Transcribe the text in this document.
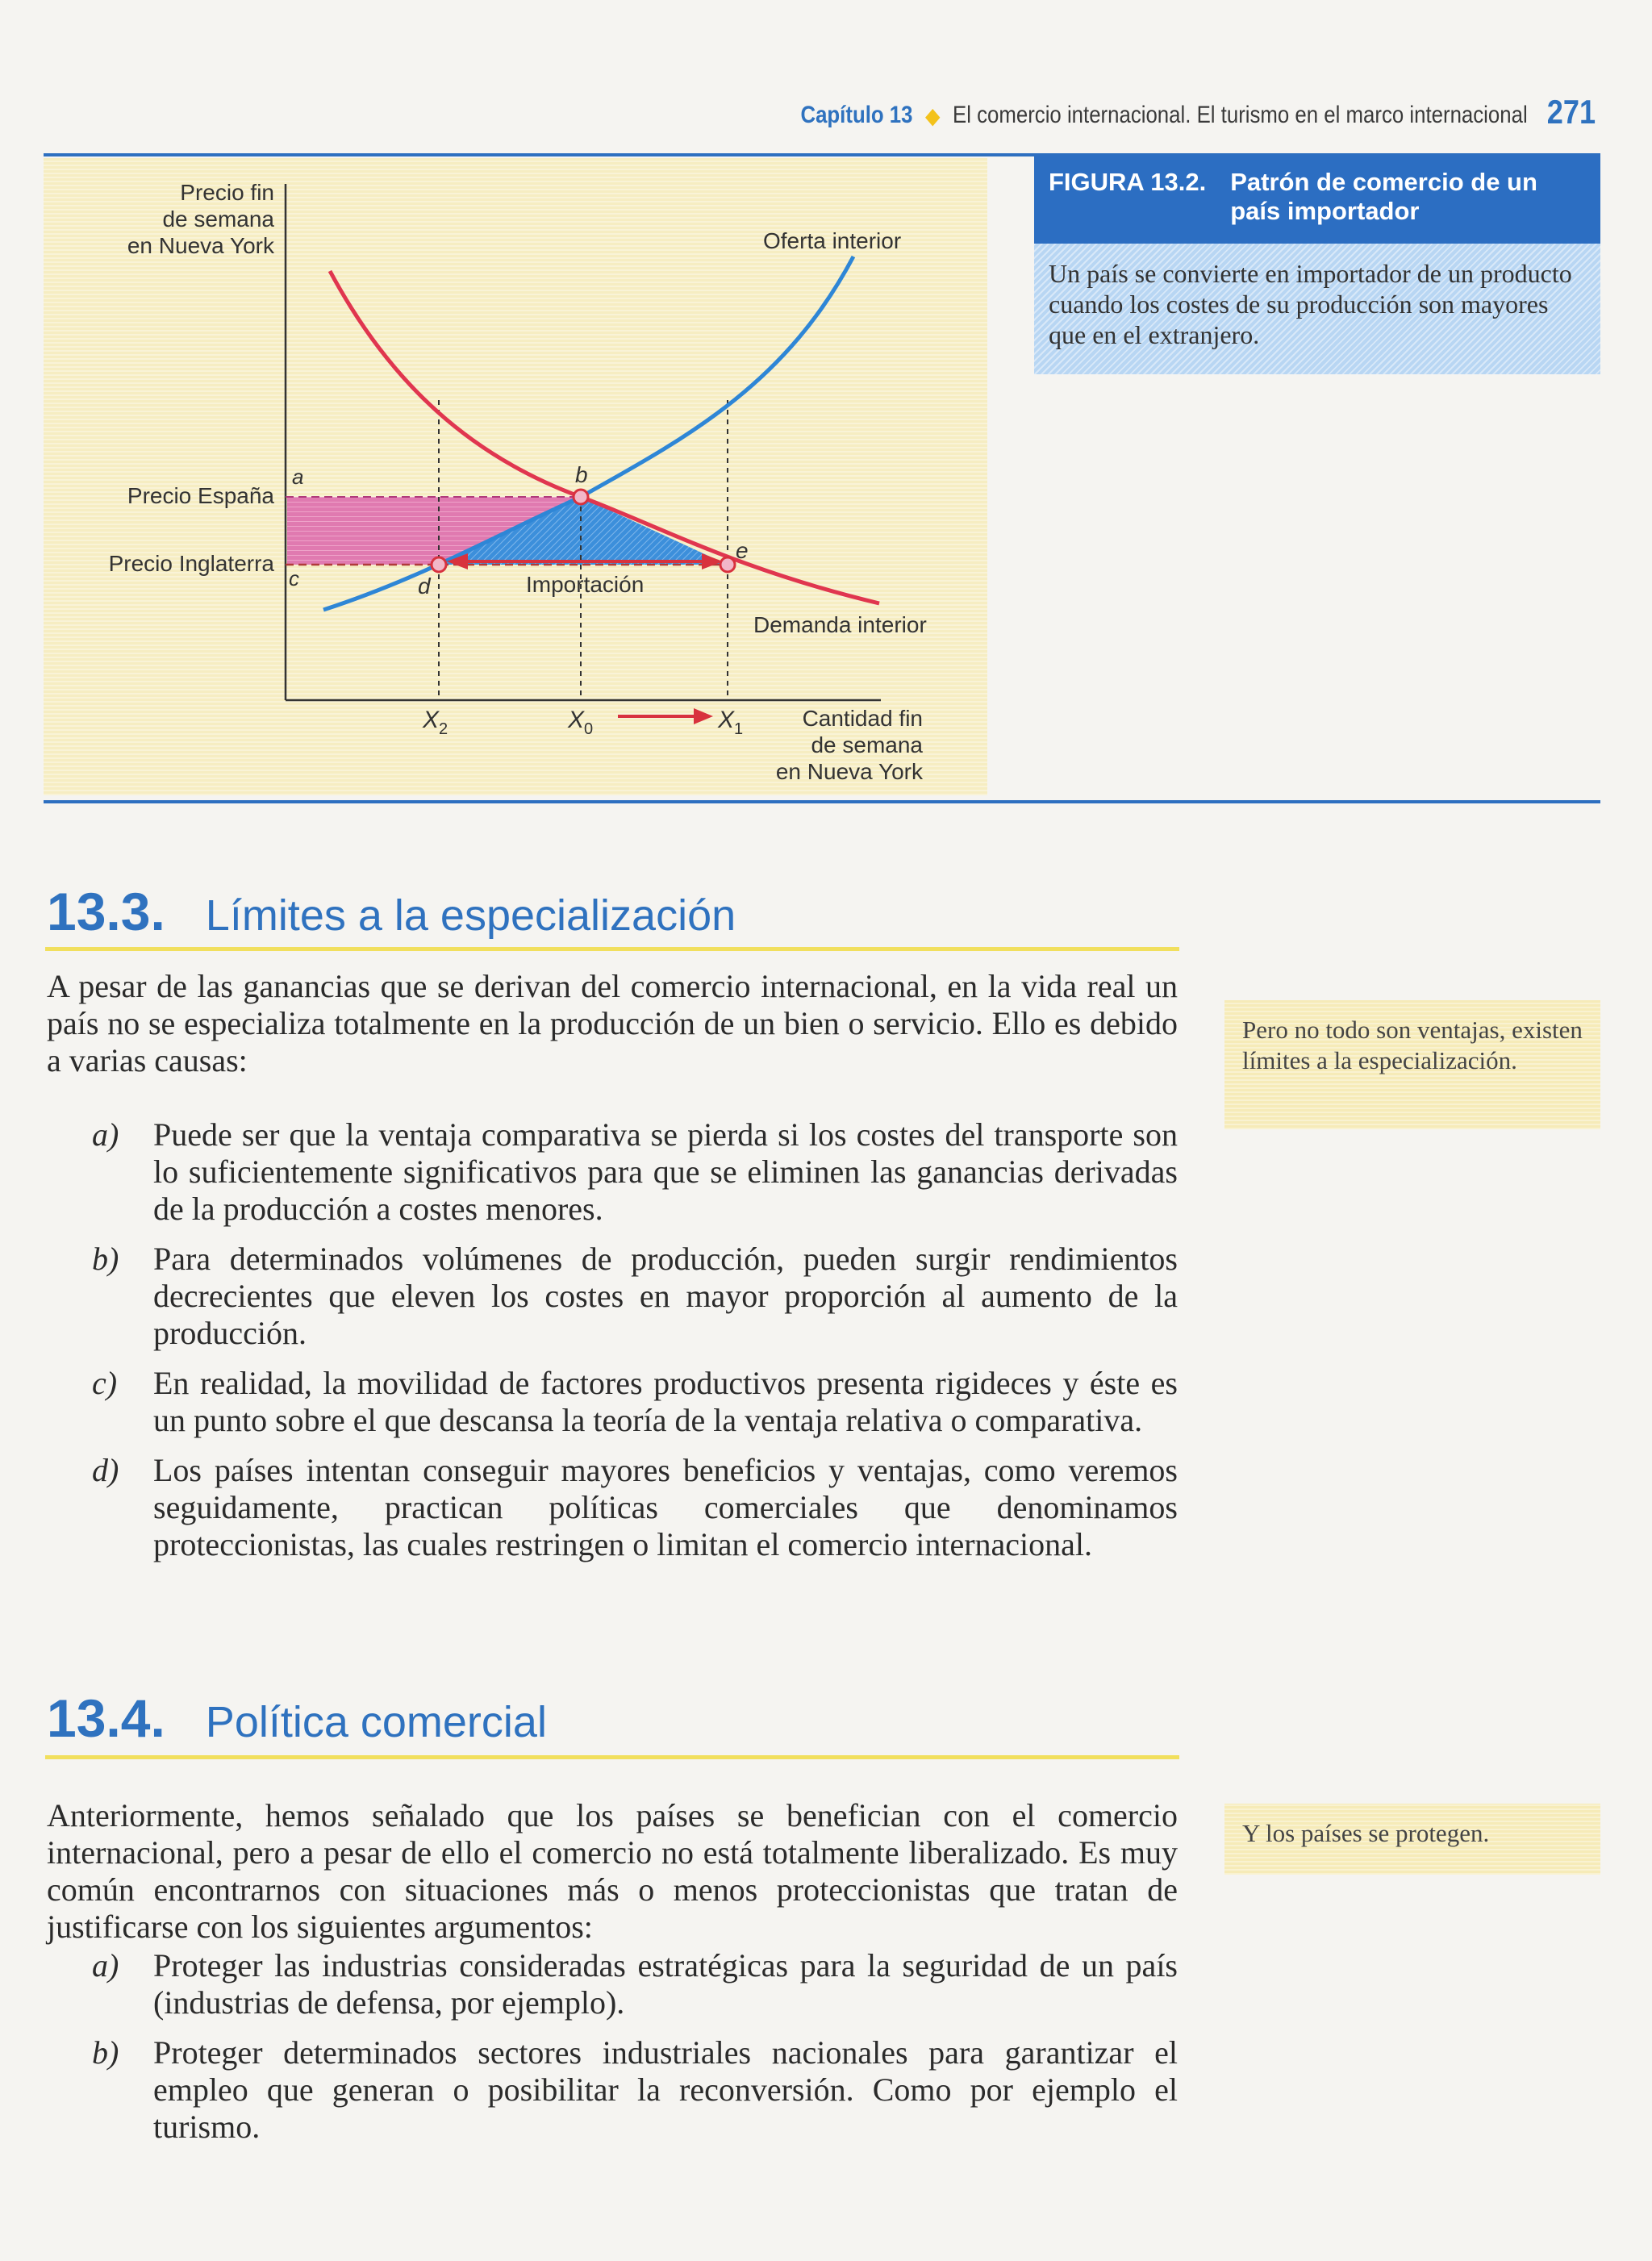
Capítulo 13 ◆ El comercio internacional. El turismo en el marco internacional 271
Precio fin
de semana
en Nueva York
Precio España
Precio Inglaterra
a	b
c	d
e
Oferta interior
Demanda interior
Importación
X 2	X 0	X 1	Cantidad fin
de semana
en Nueva York
FIGURA 13.2. Patrón de comercio de un país importador
Un país se convierte en importador de un producto cuando los costes de su producción son mayores que en el extranjero.
13.3. Límites a la especialización

A pesar de las ganancias que se derivan del comercio internacional, en la vida real un país no se especializa totalmente en la producción de un bien o servicio. Ello es debido a varias causas:

a) Puede ser que la ventaja comparativa se pierda si los costes del transporte son lo suficientemente significativos para que se eliminen las ganancias derivadas de la producción a costes menores.
b) Para determinados volúmenes de producción, pueden surgir rendimientos decrecientes que eleven los costes en mayor proporción al aumento de la producción.
c) En realidad, la movilidad de factores productivos presenta rigideces y éste es un punto sobre el que descansa la teoría de la ventaja relativa o comparativa.
d) Los países intentan conseguir mayores beneficios y ventajas, como veremos seguidamente, practican políticas comerciales que denominamos proteccionistas, las cuales restringen o limitan el comercio internacional.
Pero no todo son ventajas, existen límites a la especialización.
13.4. Política comercial

Anteriormente, hemos señalado que los países se benefician con el comercio internacional, pero a pesar de ello el comercio no está totalmente liberalizado. Es muy común encontrarnos con situaciones más o menos proteccionistas que tratan de justificarse con los siguientes argumentos:

a) Proteger las industrias consideradas estratégicas para la seguridad de un país (industrias de defensa, por ejemplo).
b) Proteger determinados sectores industriales nacionales para garantizar el empleo que generan o posibilitar la reconversión. Como por ejemplo el turismo.
Y los países se protegen.
